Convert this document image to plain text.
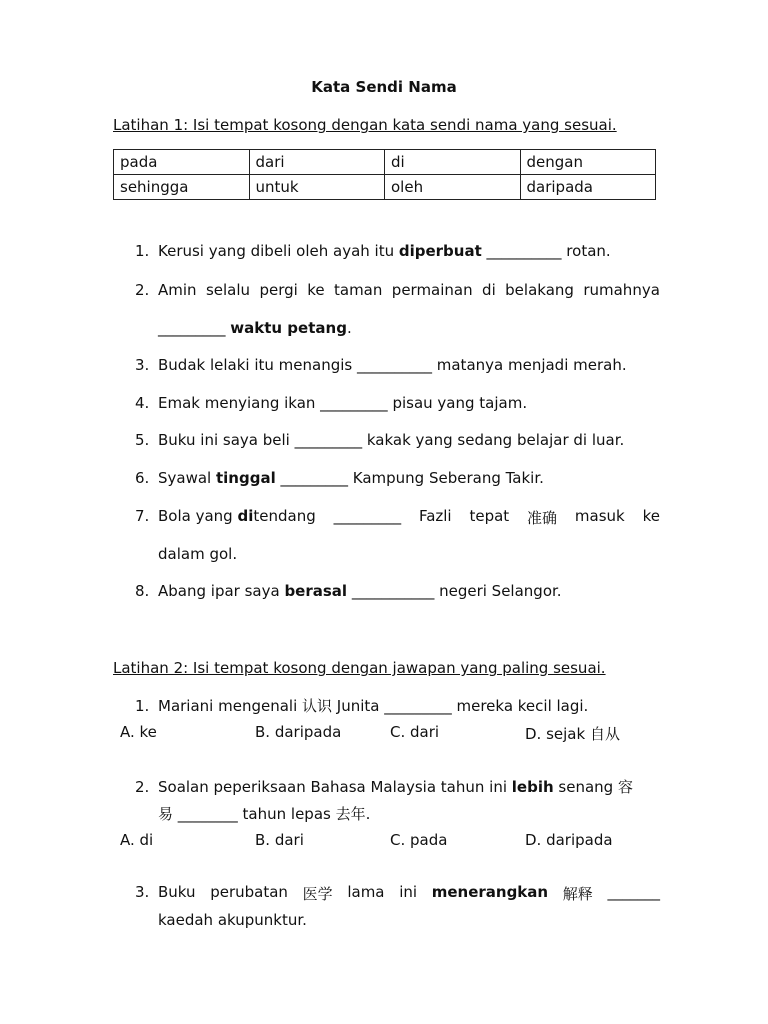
Kata Sendi Nama
Latihan 1: Isi tempat kosong dengan kata sendi nama yang sesuai.
pada	dari	di	dengan
sehingga	untuk	oleh	daripada
1. Kerusi yang dibeli oleh ayah itu diperbuat __________ rotan.
2. Amin selalu pergi ke taman permainan di belakang rumahnya
_________ waktu petang.
3. Budak lelaki itu menangis __________ matanya menjadi merah.
4. Emak menyiang ikan _________ pisau yang tajam.
5. Buku ini saya beli _________ kakak yang sedang belajar di luar.
6. Syawal tinggal _________ Kampung Seberang Takir.
7. Bola yang ditendang _________ Fazli tepat 准确 masuk ke
dalam gol.
8. Abang ipar saya berasal ___________ negeri Selangor.
Latihan 2: Isi tempat kosong dengan jawapan yang paling sesuai.
1. Mariani mengenali 认识 Junita _________ mereka kecil lagi.
A. ke	B. daripada	C. dari	D. sejak 自从
2. Soalan peperiksaan Bahasa Malaysia tahun ini lebih senang 容
易 ________ tahun lepas 去年.
A. di	B. dari	C. pada	D. daripada
3. Buku perubatan 医学 lama ini menerangkan 解释 _______
kaedah akupunktur.
